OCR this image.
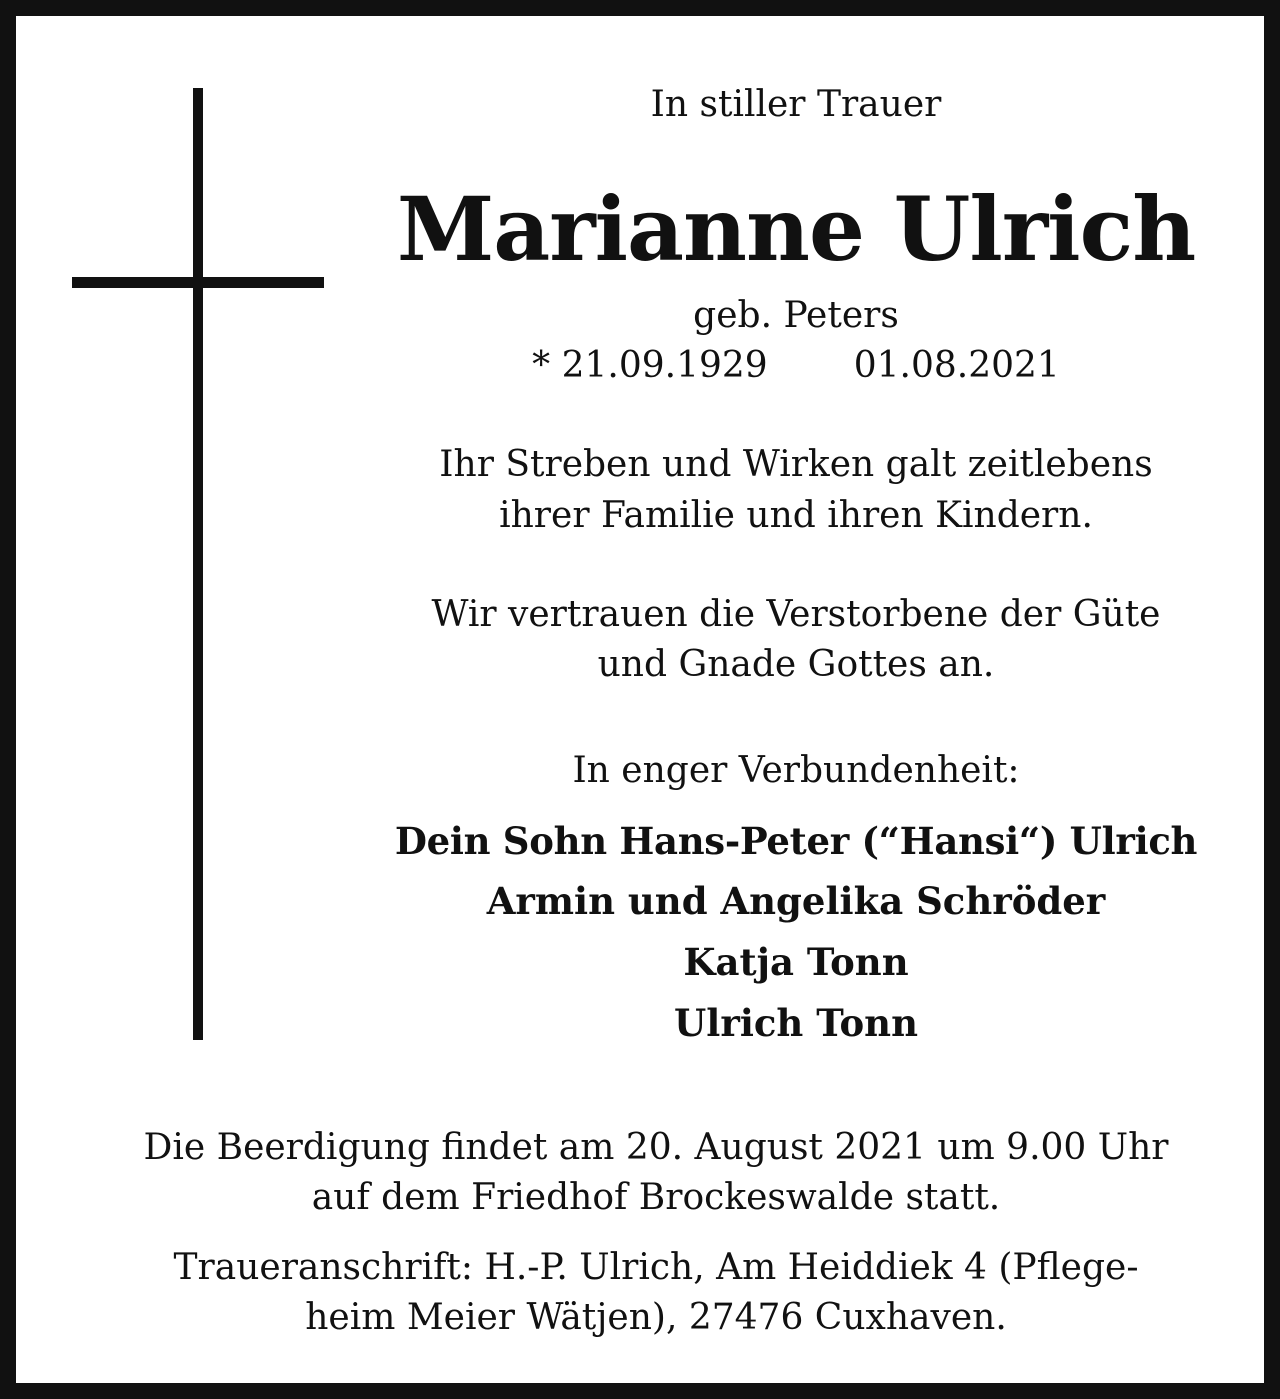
In stiller Trauer

Marianne Ulrich

geb. Peters

* 21.09.1929 01.08.2021

Ihr Streben und Wirken galt zeitlebens

ihrer Familie und ihren Kindern.

Wir vertrauen die Verstorbene der Güte

und Gnade Gottes an.

In enger Verbundenheit:

Dein Sohn Hans-Peter (“Hansi“) Ulrich

Armin und Angelika Schröder

Katja Tonn

Ulrich Tonn

Die Beerdigung findet am 20. August 2021 um 9.00 Uhr

auf dem Friedhof Brockeswalde statt.

Traueranschrift: H.-P. Ulrich, Am Heiddiek 4 (Pflege-

heim Meier Wätjen), 27476 Cuxhaven.
